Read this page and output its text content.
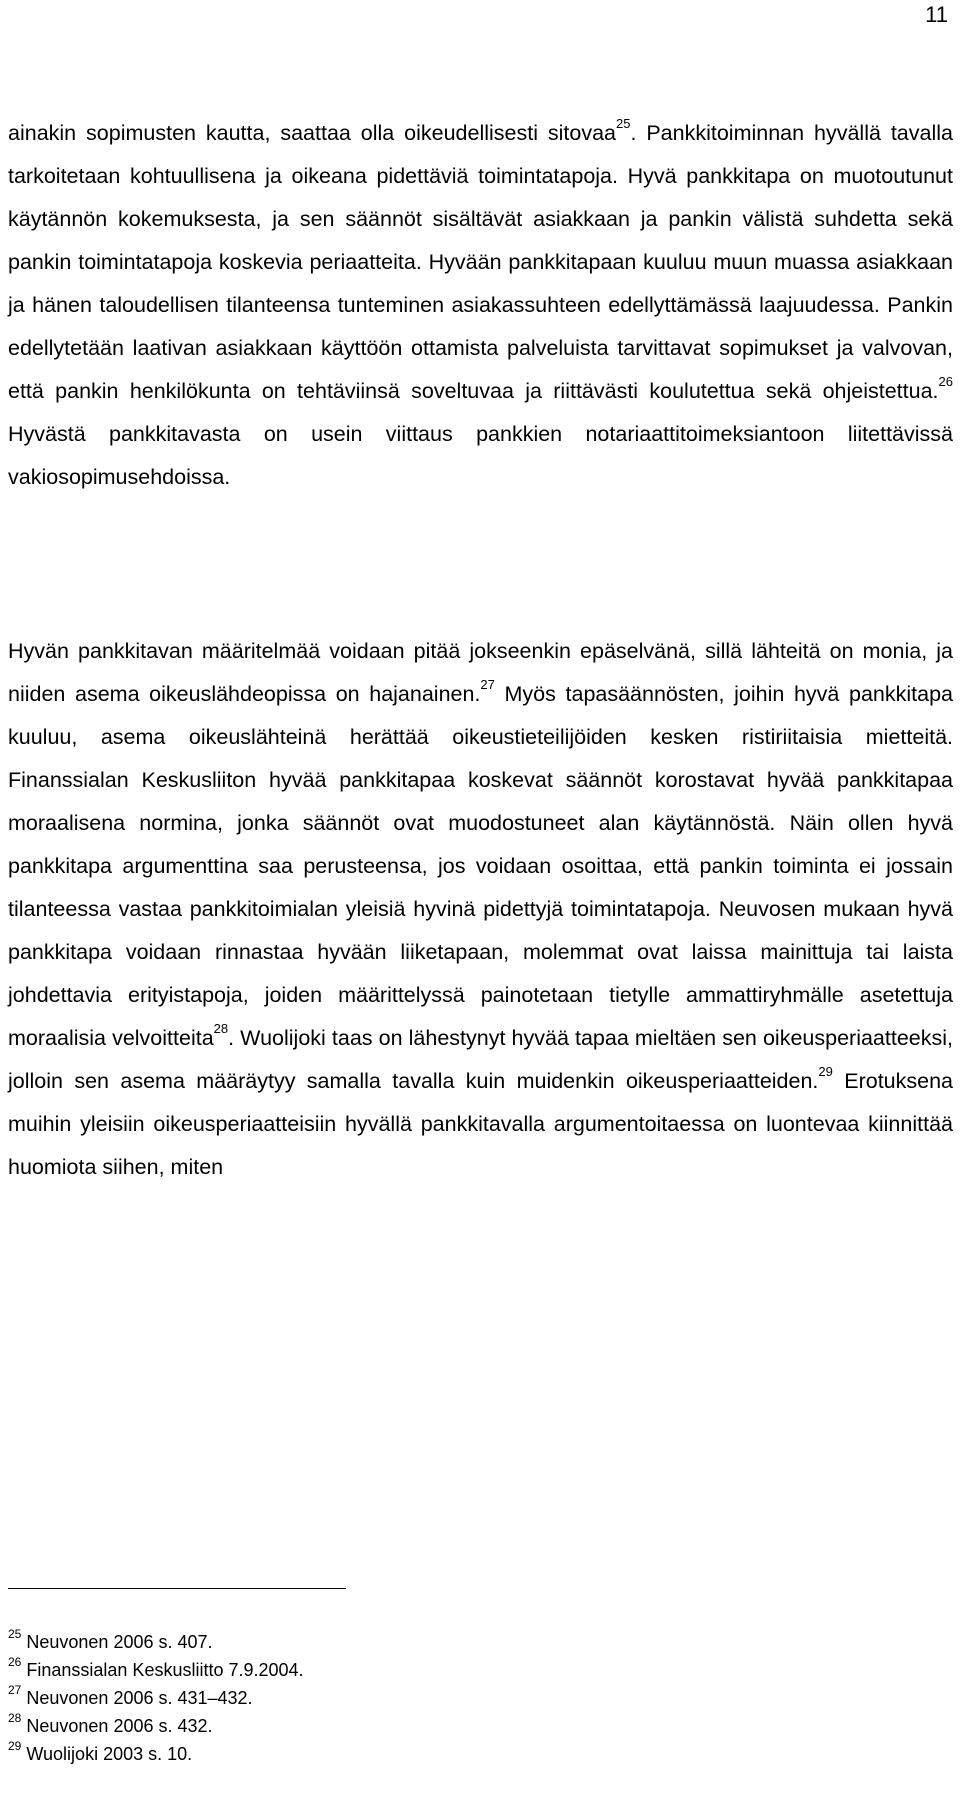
11

ainakin sopimusten kautta, saattaa olla oikeudellisesti sitovaa$^{25}$. Pankkitoiminnan hyvällä tavalla tarkoitetaan kohtuullisena ja oikeana pidettäviä toimintatapoja. Hyvä pankkitapa on muotoutunut käytännön kokemuksesta, ja sen säännöt sisältävät asiakkaan ja pankin välistä suhdetta sekä pankin toimintatapoja koskevia periaatteita. Hyvään pankkitapaan kuuluu muun muassa asiakkaan ja hänen taloudellisen tilanteensa tunteminen asiakassuhteen edellyttämässä laajuudessa. Pankin edellytetään laativan asiakkaan käyttöön ottamista palveluista tarvittavat sopimukset ja valvovan, että pankin henkilökunta on tehtäviinsä soveltuvaa ja riittävästi koulutettua sekä ohjeistettua.$^{26}$ Hyvästä pankkitavasta on usein viittaus pankkien notariaattitoimeksiantoon liitettävissä vakiosopimusehdoissa.

Hyvän pankkitavan määritelmää voidaan pitää jokseenkin epäselvänä, sillä lähteitä on monia, ja niiden asema oikeuslähdeopissa on hajanainen.$^{27}$ Myös tapasäännösten, joihin hyvä pankkitapa kuuluu, asema oikeuslähteinä herättää oikeustieteilijöiden kesken ristiriitaisia mietteitä. Finanssialan Keskusliiton hyvää pankkitapaa koskevat säännöt korostavat hyvää pankkitapaa moraalisena normina, jonka säännöt ovat muodostuneet alan käytännöstä. Näin ollen hyvä pankkitapa argumenttina saa perusteensa, jos voidaan osoittaa, että pankin toiminta ei jossain tilanteessa vastaa pankkitoimialan yleisiä hyvinä pidettyjä toimintatapoja. Neuvosen mukaan hyvä pankkitapa voidaan rinnastaa hyvään liiketapaan, molemmat ovat laissa mainittuja tai laista johdettavia erityistapoja, joiden määrittelyssä painotetaan tietylle ammattiryhmälle asetettuja moraalisia velvoitteita$^{28}$. Wuolijoki taas on lähestynyt hyvää tapaa mieltäen sen oikeusperiaatteeksi, jolloin sen asema määräytyy samalla tavalla kuin muidenkin oikeusperiaatteiden.$^{29}$ Erotuksena muihin yleisiin oikeusperiaatteisiin hyvällä pankkitavalla argumentoitaessa on luontevaa kiinnittää huomiota siihen, miten

$^{25}$ Neuvonen 2006 s. 407.
$^{26}$ Finanssialan Keskusliitto 7.9.2004.
$^{27}$ Neuvonen 2006 s. 431–432.
$^{28}$ Neuvonen 2006 s. 432.
$^{29}$ Wuolijoki 2003 s. 10.
